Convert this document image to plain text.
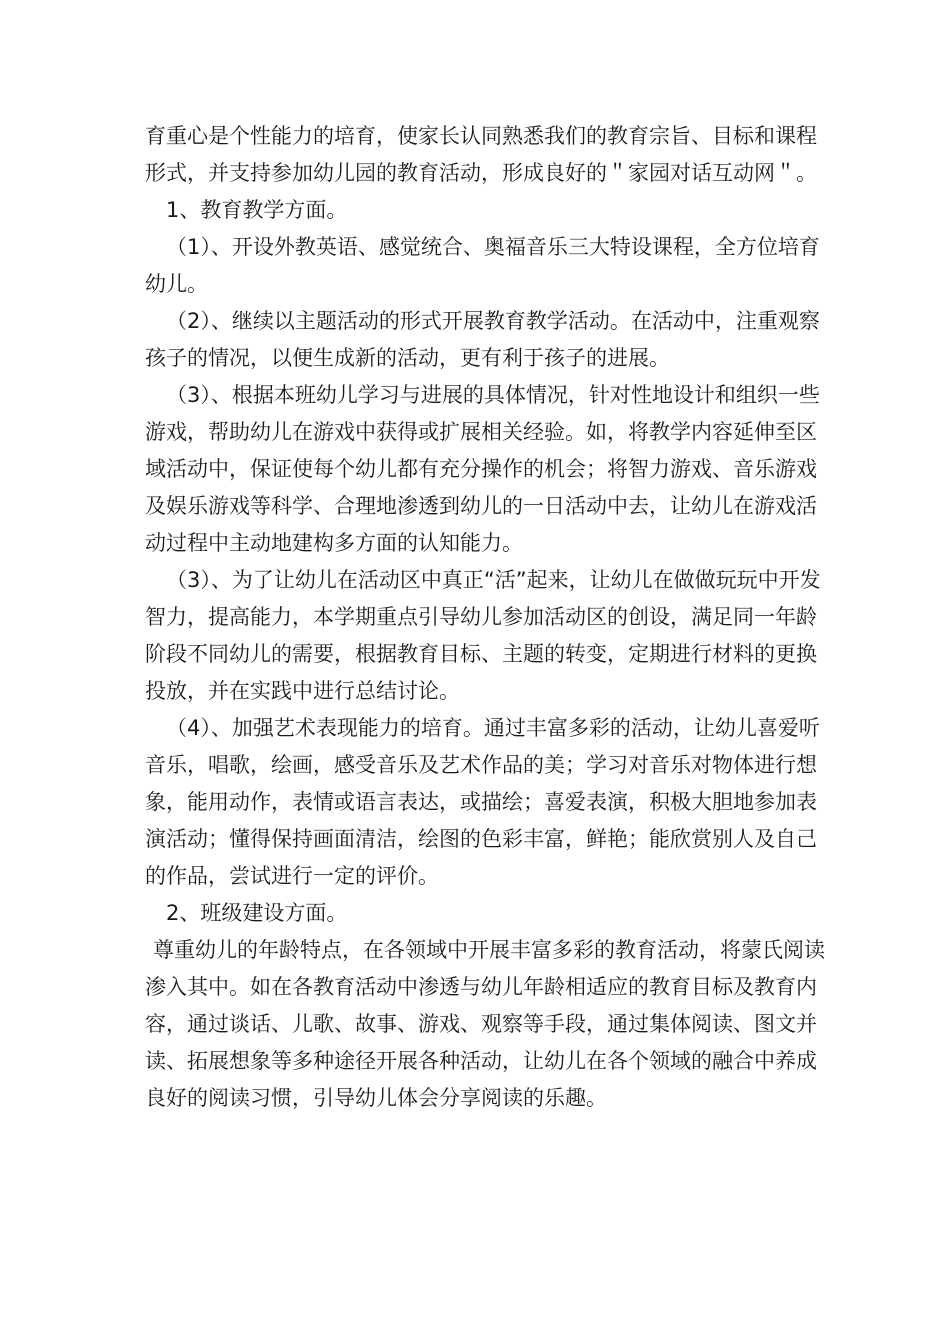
育重心是个性能力的培育，使家长认同熟悉我们的教育宗旨、目标和课程形式，并支持参加幼儿园的教育活动，形成良好的＂家园对话互动网＂。

1、教育教学方面。

（1）、开设外教英语、感觉统合、奥福音乐三大特设课程，全方位培育幼儿。

（2）、继续以主题活动的形式开展教育教学活动。在活动中，注重观察孩子的情况，以便生成新的活动，更有利于孩子的进展。

（3）、根据本班幼儿学习与进展的具体情况，针对性地设计和组织一些游戏，帮助幼儿在游戏中获得或扩展相关经验。如，将教学内容延伸至区域活动中，保证使每个幼儿都有充分操作的机会；将智力游戏、音乐游戏及娱乐游戏等科学、合理地渗透到幼儿的一日活动中去，让幼儿在游戏活动过程中主动地建构多方面的认知能力。

（3）、为了让幼儿在活动区中真正“活”起来，让幼儿在做做玩玩中开发智力，提高能力，本学期重点引导幼儿参加活动区的创设，满足同一年龄阶段不同幼儿的需要，根据教育目标、主题的转变，定期进行材料的更换投放，并在实践中进行总结讨论。

（4）、加强艺术表现能力的培育。通过丰富多彩的活动，让幼儿喜爱听音乐，唱歌，绘画，感受音乐及艺术作品的美；学习对音乐对物体进行想象，能用动作，表情或语言表达，或描绘；喜爱表演，积极大胆地参加表演活动；懂得保持画面清洁，绘图的色彩丰富，鲜艳；能欣赏别人及自己的作品，尝试进行一定的评价。

2、班级建设方面。

尊重幼儿的年龄特点，在各领域中开展丰富多彩的教育活动，将蒙氏阅读渗入其中。如在各教育活动中渗透与幼儿年龄相适应的教育目标及教育内容，通过谈话、儿歌、故事、游戏、观察等手段，通过集体阅读、图文并读、拓展想象等多种途径开展各种活动，让幼儿在各个领域的融合中养成良好的阅读习惯，引导幼儿体会分享阅读的乐趣。
